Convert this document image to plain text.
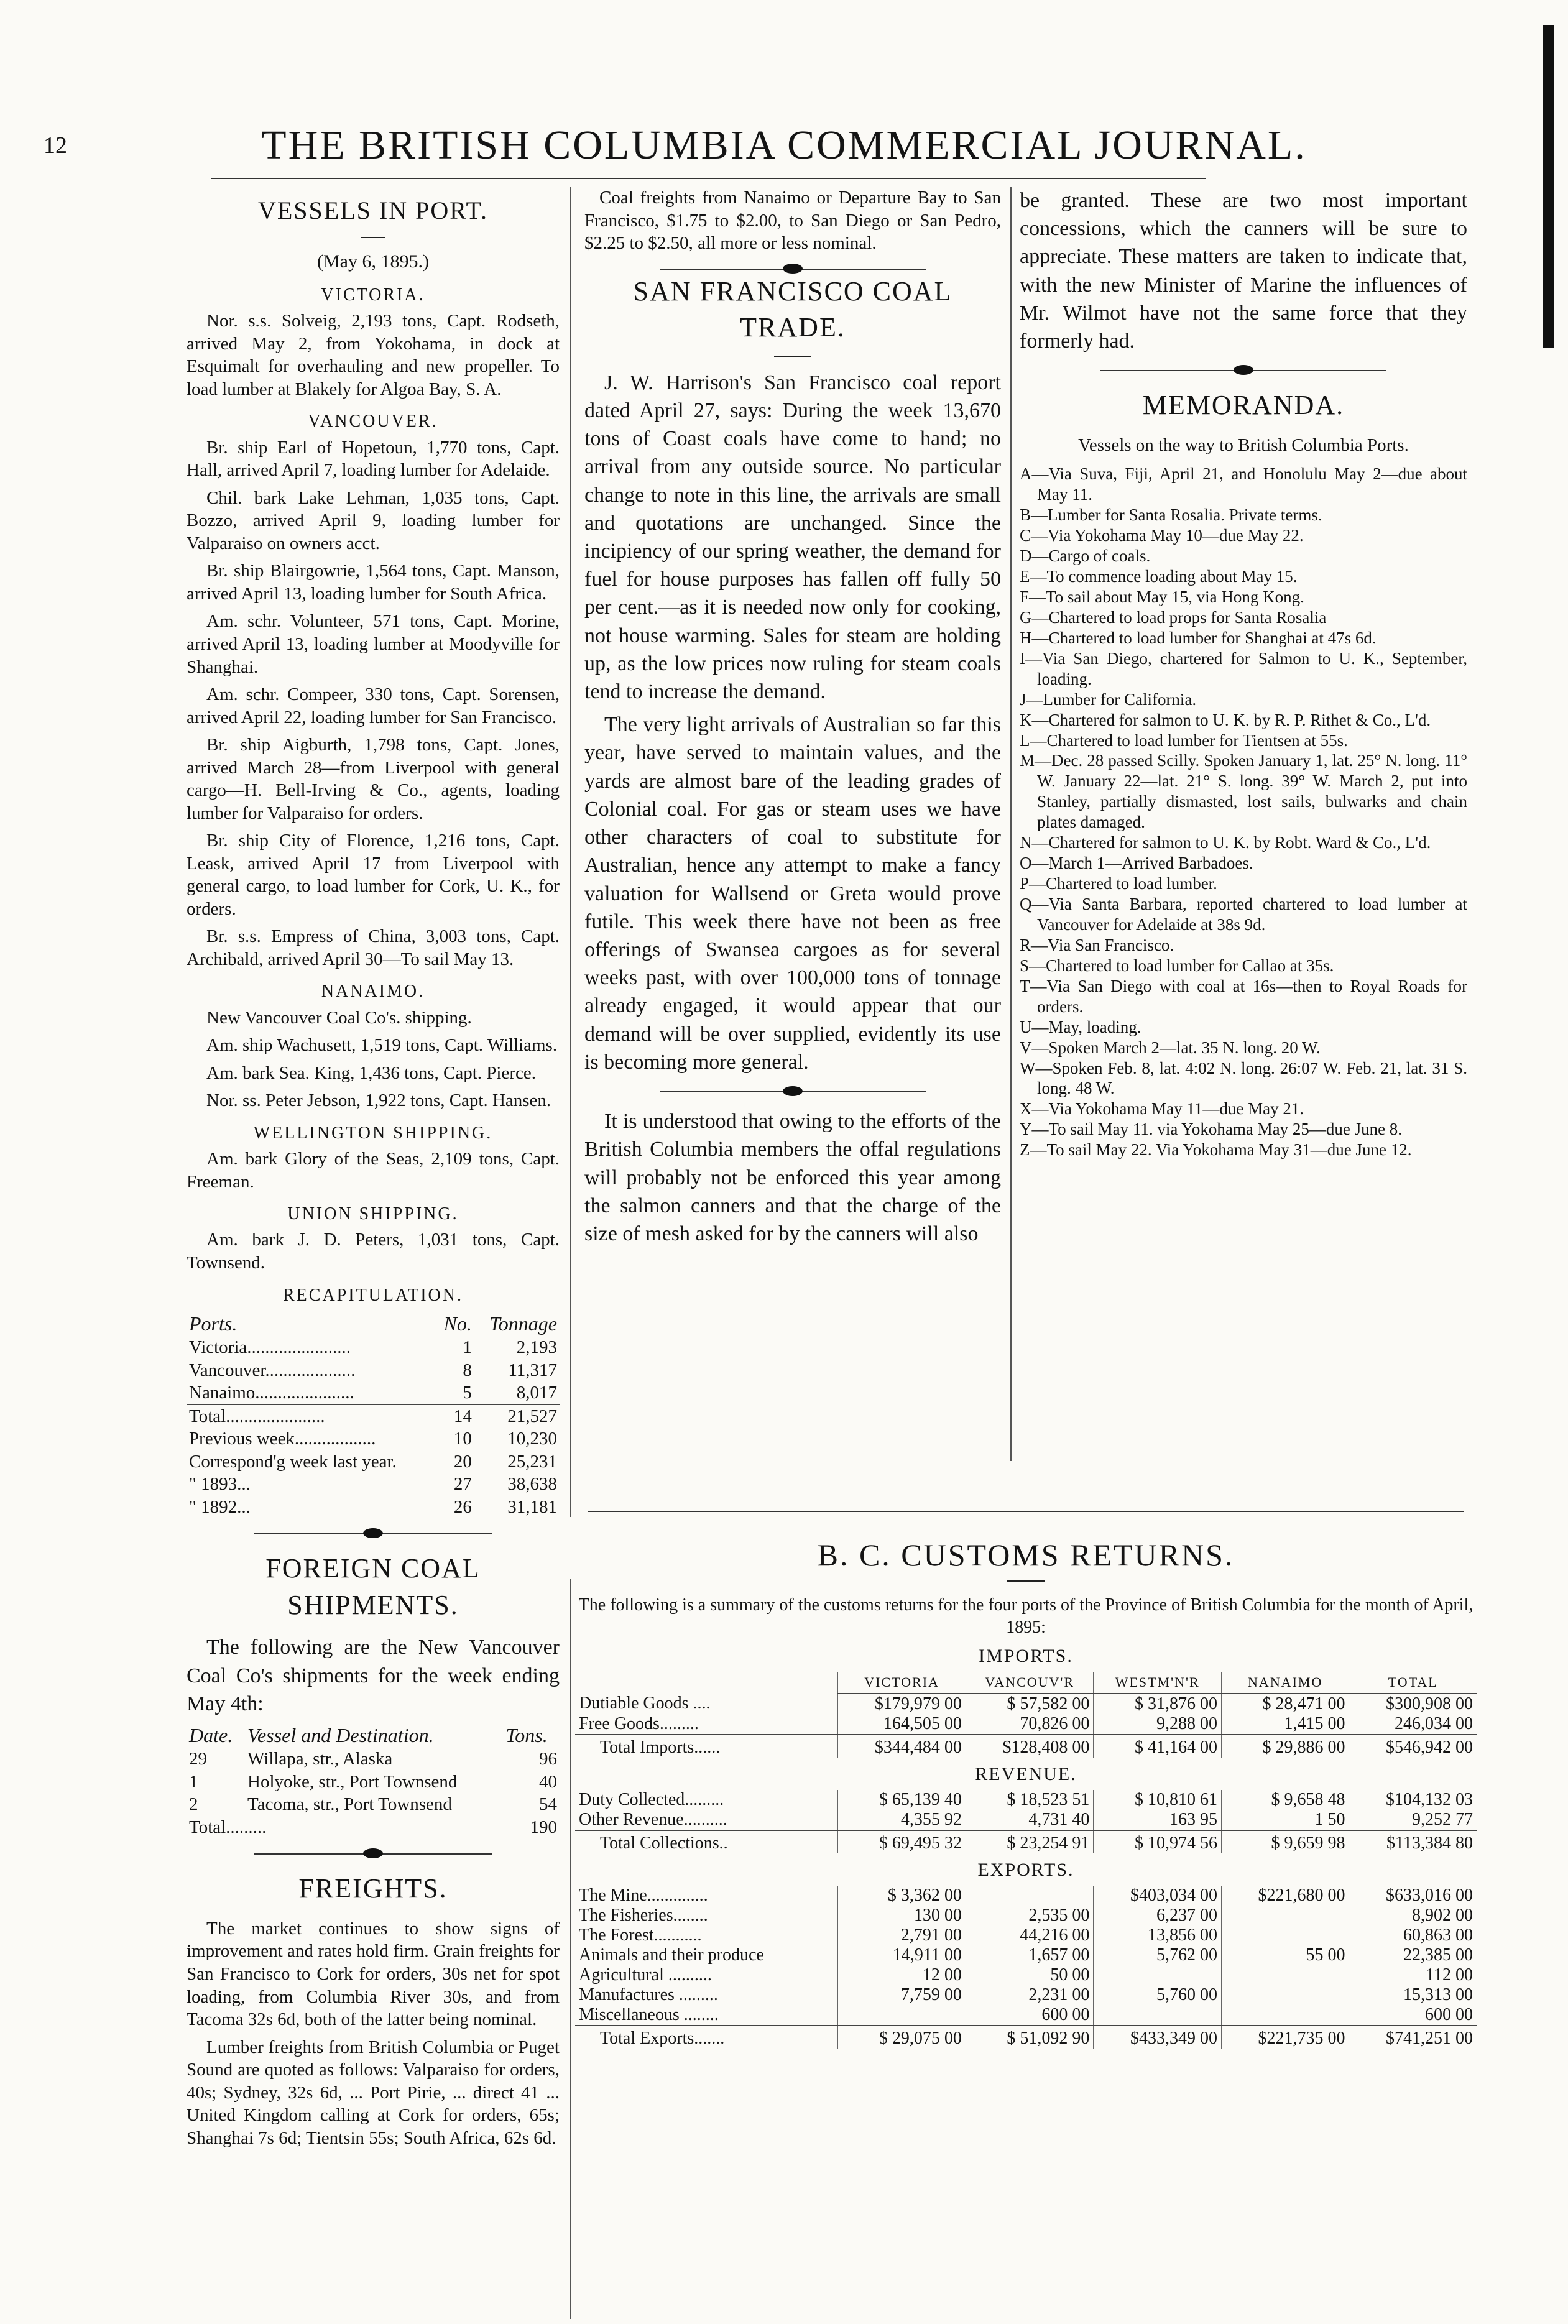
12	THE BRITISH COLUMBIA COMMERCIAL JOURNAL.
VESSELS IN PORT.
(May 6, 1895.)
VICTORIA.

Nor. s.s. Solveig, 2,193 tons, Capt. Rodseth, arrived May 2, from Yokohama, in dock at Esquimalt for overhauling and new propeller. To load lumber at Blakely for Algoa Bay, S. A.

VANCOUVER.

Br. ship Earl of Hopetoun, 1,770 tons, Capt. Hall, arrived April 7, loading lumber for Adelaide.

Chil. bark Lake Lehman, 1,035 tons, Capt. Bozzo, arrived April 9, loading lumber for Valparaiso on owners acct.

Br. ship Blairgowrie, 1,564 tons, Capt. Manson, arrived April 13, loading lumber for South Africa.

Am. schr. Volunteer, 571 tons, Capt. Morine, arrived April 13, loading lumber at Moodyville for Shanghai.

Am. schr. Compeer, 330 tons, Capt. Sorensen, arrived April 22, loading lumber for San Francisco.

Br. ship Aigburth, 1,798 tons, Capt. Jones, arrived March 28—from Liverpool with general cargo—H. Bell-Irving & Co., agents, loading lumber for Valparaiso for orders.

Br. ship City of Florence, 1,216 tons, Capt. Leask, arrived April 17 from Liverpool with general cargo, to load lumber for Cork, U. K., for orders.

Br. s.s. Empress of China, 3,003 tons, Capt. Archibald, arrived April 30—To sail May 13.

NANAIMO.

New Vancouver Coal Co's. shipping.

Am. ship Wachusett, 1,519 tons, Capt. Williams.

Am. bark Sea. King, 1,436 tons, Capt. Pierce.

Nor. ss. Peter Jebson, 1,922 tons, Capt. Hansen.

WELLINGTON SHIPPING.

Am. bark Glory of the Seas, 2,109 tons, Capt. Freeman.

UNION SHIPPING.

Am. bark J. D. Peters, 1,031 tons, Capt. Townsend.

RECAPITULATION.
Ports.	No.	Tonnage
Victoria.......................	1	2,193
Vancouver....................	8	11,317
Nanaimo......................	5	8,017
Total......................	14	21,527
Previous week..................	10	10,230
Correspond'g week last year.	20	25,231
" 1893...	27	38,638
" 1892...	26	31,181
FOREIGN COAL SHIPMENTS.

The following are the New Vancouver Coal Co's shipments for the week ending May 4th:

Date.	Vessel and Destination.	Tons.
29	Willapa, str., Alaska	96
1	Holyoke, str., Port Townsend	40
2	Tacoma, str., Port Townsend	54
Total.........		190
FREIGHTS.

The market continues to show signs of improvement and rates hold firm. Grain freights for San Francisco to Cork for orders, 30s net for spot loading, from Columbia River 30s, and from Tacoma 32s 6d, both of the latter being nominal.

Lumber freights from British Columbia or Puget Sound are quoted as follows: Valparaiso for orders, 40s; Sydney, 32s 6d, ... Port Pirie, ... direct 41 ... United Kingdom calling at Cork for orders, 65s; Shanghai 7s 6d; Tientsin 55s; South Africa, 62s 6d.

Coal freights from Nanaimo or Departure Bay to San Francisco, $1.75 to $2.00, to San Diego or San Pedro, $2.25 to $2.50, all more or less nominal.

SAN FRANCISCO COAL TRADE.

J. W. Harrison's San Francisco coal report dated April 27, says: During the week 13,670 tons of Coast coals have come to hand; no arrival from any outside source. No particular change to note in this line, the arrivals are small and quotations are unchanged. Since the incipiency of our spring weather, the demand for fuel for house purposes has fallen off fully 50 per cent.—as it is needed now only for cooking, not house warming. Sales for steam are holding up, as the low prices now ruling for steam coals tend to increase the demand.

The very light arrivals of Australian so far this year, have served to maintain values, and the yards are almost bare of the leading grades of Colonial coal. For gas or steam uses we have other characters of coal to substitute for Australian, hence any attempt to make a fancy valuation for Wallsend or Greta would prove futile. This week there have not been as free offerings of Swansea cargoes as for several weeks past, with over 100,000 tons of tonnage already engaged, it would appear that our demand will be over supplied, evidently its use is becoming more general.

It is understood that owing to the efforts of the British Columbia members the offal regulations will probably not be enforced this year among the salmon canners and that the charge of the size of mesh asked for by the canners will also

be granted. These are two most important concessions, which the canners will be sure to appreciate. These matters are taken to indicate that, with the new Minister of Marine the influences of Mr. Wilmot have not the same force that they formerly had.

MEMORANDA.
Vessels on the way to British Columbia Ports.
A—Via Suva, Fiji, April 21, and Honolulu May 2—due about May 11.
B—Lumber for Santa Rosalia. Private terms.
C—Via Yokohama May 10—due May 22.
D—Cargo of coals.
E—To commence loading about May 15.
F—To sail about May 15, via Hong Kong.
G—Chartered to load props for Santa Rosalia
H—Chartered to load lumber for Shanghai at 47s 6d.
I—Via San Diego, chartered for Salmon to U. K., September, loading.
J—Lumber for California.
K—Chartered for salmon to U. K. by R. P. Rithet & Co., L'd.
L—Chartered to load lumber for Tientsen at 55s.
M—Dec. 28 passed Scilly. Spoken January 1, lat. 25° N. long. 11° W. January 22—lat. 21° S. long. 39° W. March 2, put into Stanley, partially dismasted, lost sails, bulwarks and chain plates damaged.
N—Chartered for salmon to U. K. by Robt. Ward & Co., L'd.
O—March 1—Arrived Barbadoes.
P—Chartered to load lumber.
Q—Via Santa Barbara, reported chartered to load lumber at Vancouver for Adelaide at 38s 9d.
R—Via San Francisco.
S—Chartered to load lumber for Callao at 35s.
T—Via San Diego with coal at 16s—then to Royal Roads for orders.
U—May, loading.
V—Spoken March 2—lat. 35 N. long. 20 W.
W—Spoken Feb. 8, lat. 4:02 N. long. 26:07 W. Feb. 21, lat. 31 S. long. 48 W.
X—Via Yokohama May 11—due May 21.
Y—To sail May 11. via Yokohama May 25—due June 8.
Z—To sail May 22. Via Yokohama May 31—due June 12.
B. C. CUSTOMS RETURNS.
The following is a summary of the customs returns for the four ports of the Province of British Columbia for the month of April, 1895:
IMPORTS.
	VICTORIA	VANCOUV'R	WESTM'N'R	NANAIMO	TOTAL
Dutiable Goods ....	$179,979 00	$ 57,582 00	$ 31,876 00	$ 28,471 00	$300,908 00
Free Goods.........	164,505 00	70,826 00	9,288 00	1,415 00	246,034 00
Total Imports......	$344,484 00	$128,408 00	$ 41,164 00	$ 29,886 00	$546,942 00
REVENUE.
Duty Collected.........	$ 65,139 40	$ 18,523 51	$ 10,810 61	$ 9,658 48	$104,132 03
Other Revenue..........	4,355 92	4,731 40	163 95	1 50	9,252 77
Total Collections..	$ 69,495 32	$ 23,254 91	$ 10,974 56	$ 9,659 98	$113,384 80
EXPORTS.
The Mine..............	$ 3,362 00		$403,034 00	$221,680 00	$633,016 00
The Fisheries........	130 00	2,535 00	6,237 00		8,902 00
The Forest...........	2,791 00	44,216 00	13,856 00		60,863 00
Animals and their produce	14,911 00	1,657 00	5,762 00	55 00	22,385 00
Agricultural ..........	12 00	50 00			112 00
Manufactures .........	7,759 00	2,231 00	5,760 00		15,313 00
Miscellaneous ........		600 00			600 00
Total Exports.......	$ 29,075 00	$ 51,092 90	$433,349 00	$221,735 00	$741,251 00
